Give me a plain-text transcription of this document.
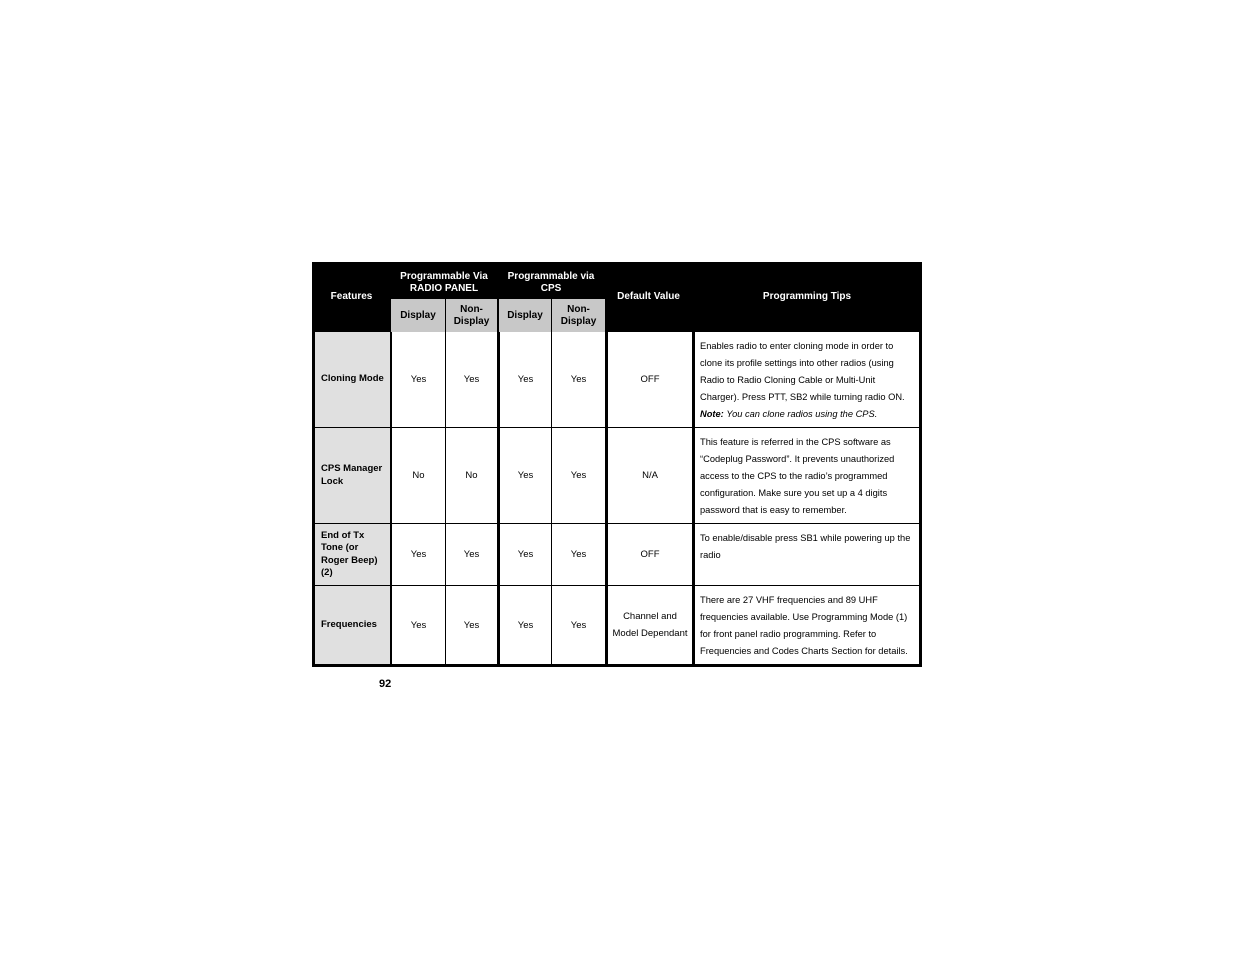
Features	Programmable Via RADIO PANEL		Programmable via CPS		Default Value	Programming Tips
	Display	Non-Display	Display	Non-Display		
Cloning Mode	Yes	Yes	Yes	Yes	OFF	Enables radio to enter cloning mode in order to clone its profile settings into other radios (using Radio to Radio Cloning Cable or Multi-Unit Charger). Press PTT, SB2 while turning radio ON.
Note: You can clone radios using the CPS.
CPS Manager Lock	No	No	Yes	Yes	N/A	This feature is referred in the CPS software as “Codeplug Password”. It prevents unauthorized access to the CPS to the radio’s programmed configuration. Make sure you set up a 4 digits password that is easy to remember.
End of Tx Tone (or Roger Beep) (2)	Yes	Yes	Yes	Yes	OFF	To enable/disable press SB1 while powering up the radio
Frequencies	Yes	Yes	Yes	Yes	Channel and Model Dependant	There are 27 VHF frequencies and 89 UHF frequencies available. Use Programming Mode (1) for front panel radio programming. Refer to Frequencies and Codes Charts Section for details.
92
